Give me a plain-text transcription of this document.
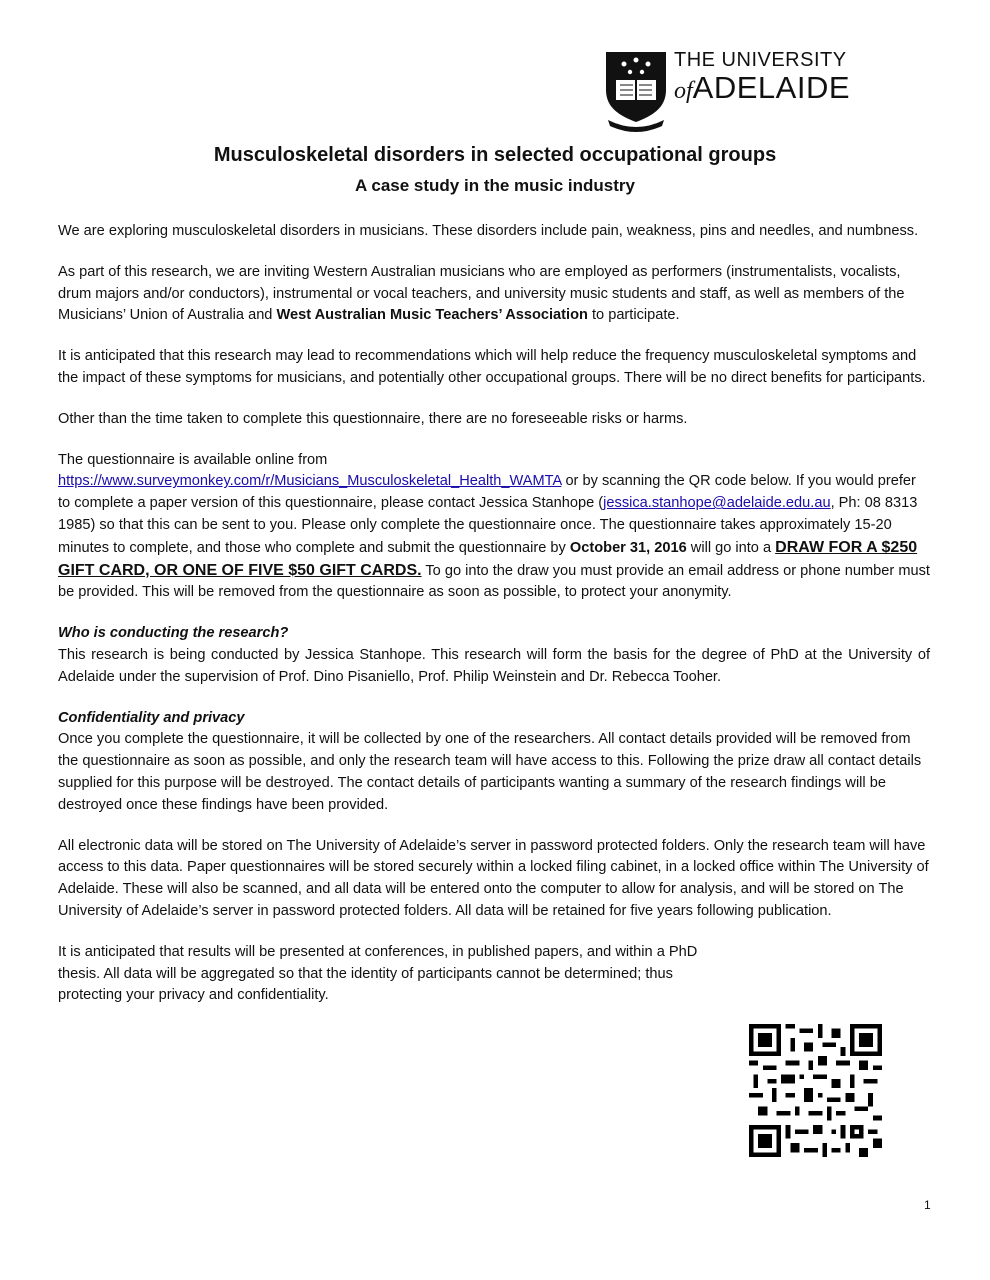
THE UNIVERSITY
ofADELAIDE
Musculoskeletal disorders in selected occupational groups
A case study in the music industry

We are exploring musculoskeletal disorders in musicians. These disorders include pain, weakness, pins and needles, and numbness.

As part of this research, we are inviting Western Australian musicians who are employed as performers (instrumentalists, vocalists, drum majors and/or conductors), instrumental or vocal teachers, and university music students and staff, as well as members of the Musicians’ Union of Australia and West Australian Music Teachers’ Association to participate.

It is anticipated that this research may lead to recommendations which will help reduce the frequency musculoskeletal symptoms and the impact of these symptoms for musicians, and potentially other occupational groups. There will be no direct benefits for participants.

Other than the time taken to complete this questionnaire, there are no foreseeable risks or harms.

The questionnaire is available online from
https://www.surveymonkey.com/r/Musicians_Musculoskeletal_Health_WAMTA or by scanning the QR code below. If you would prefer to complete a paper version of this questionnaire, please contact Jessica Stanhope (jessica.stanhope@adelaide.edu.au, Ph: 08 8313 1985) so that this can be sent to you. Please only complete the questionnaire once. The questionnaire takes approximately 15-20 minutes to complete, and those who complete and submit the questionnaire by October 31, 2016 will go into a DRAW FOR A $250 GIFT CARD, OR ONE OF FIVE $50 GIFT CARDS. To go into the draw you must provide an email address or phone number must be provided. This will be removed from the questionnaire as soon as possible, to protect your anonymity.

Who is conducting the research?
This research is being conducted by Jessica Stanhope. This research will form the basis for the degree of PhD at the University of Adelaide under the supervision of Prof. Dino Pisaniello, Prof. Philip Weinstein and Dr. Rebecca Tooher.

Confidentiality and privacy
Once you complete the questionnaire, it will be collected by one of the researchers. All contact details provided will be removed from the questionnaire as soon as possible, and only the research team will have access to this. Following the prize draw all contact details supplied for this purpose will be destroyed. The contact details of participants wanting a summary of the research findings will be destroyed once these findings have been provided.

All electronic data will be stored on The University of Adelaide’s server in password protected folders. Only the research team will have access to this data. Paper questionnaires will be stored securely within a locked filing cabinet, in a locked office within The University of Adelaide. These will also be scanned, and all data will be entered onto the computer to allow for analysis, and will be stored on The University of Adelaide’s server in password protected folders. All data will be retained for five years following publication.

It is anticipated that results will be presented at conferences, in published papers, and within a PhD thesis. All data will be aggregated so that the identity of participants cannot be determined; thus protecting your privacy and confidentiality.

1
